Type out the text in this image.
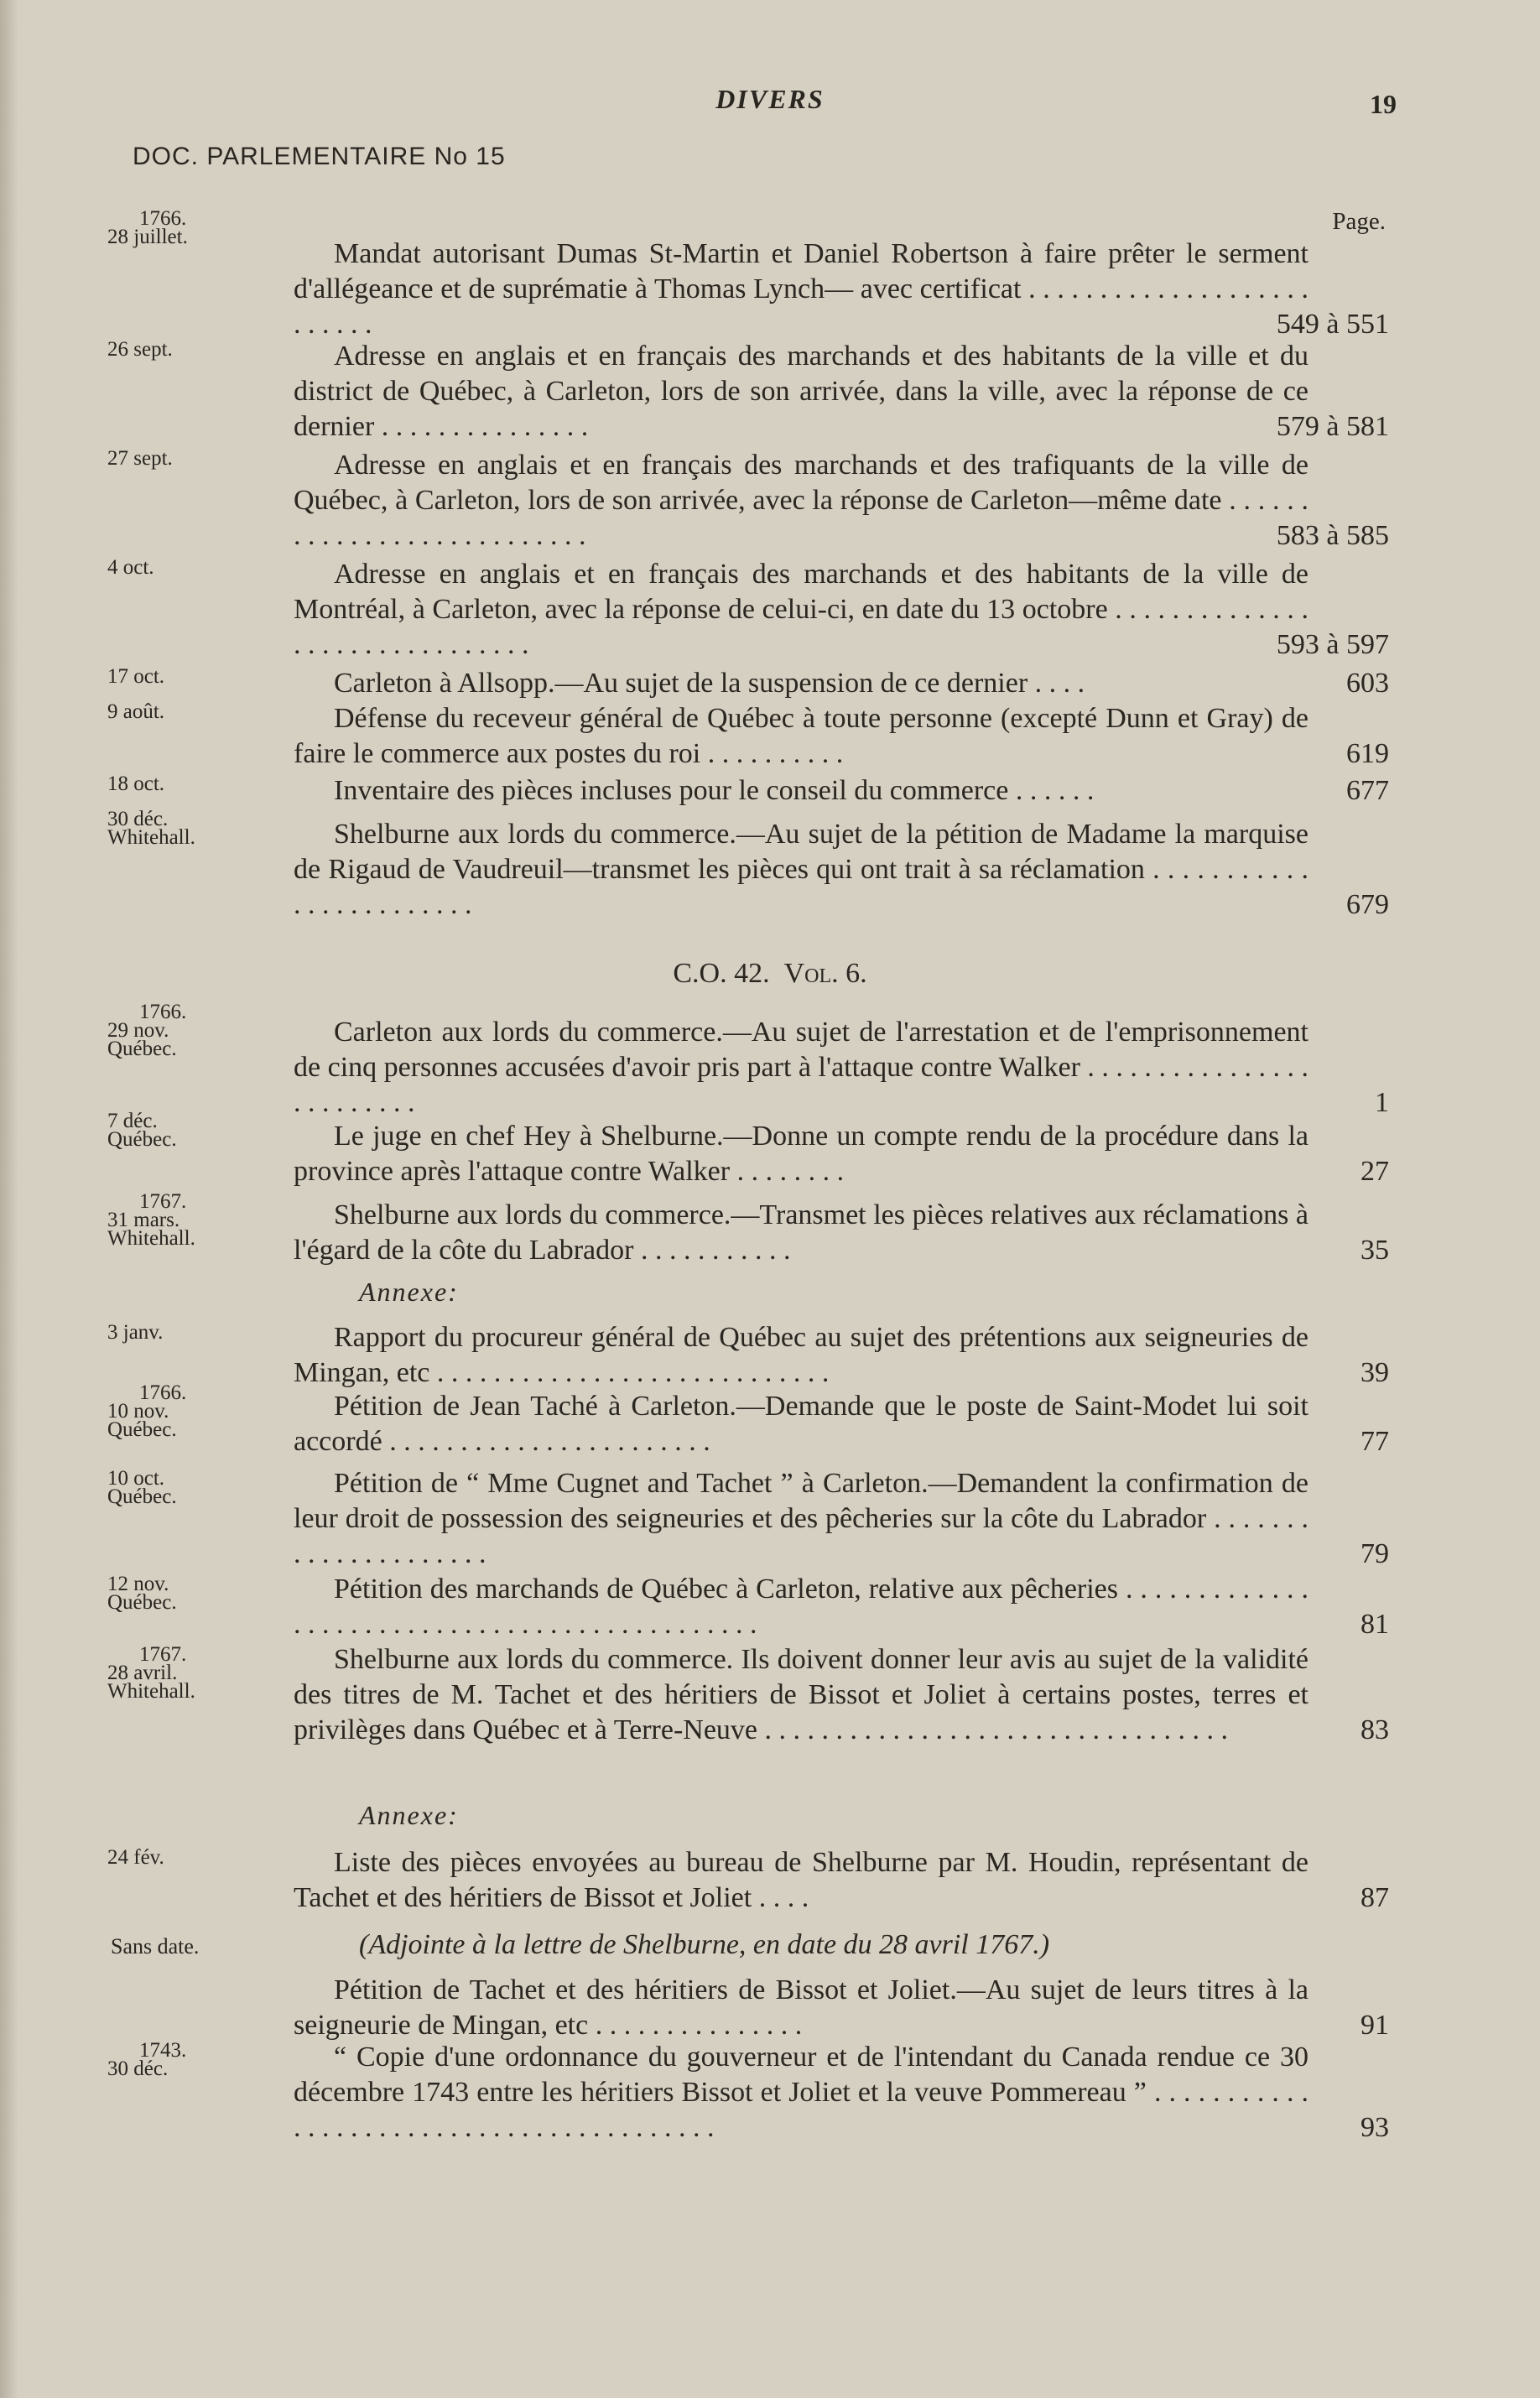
DIVERS	19
DOC. PARLEMENTAIRE No 15
Page.
1766.
28 juillet.
Mandat autorisant Dumas St-Martin et Daniel Robertson à faire prêter le serment d'allégeance et de suprématie à Thomas Lynch— avec certificat . . . . . . . . . . . . . . . . . . . . . . . . . .	549 à 551
26 sept.	Adresse en anglais et en français des marchands et des habitants de la ville et du district de Québec, à Carleton, lors de son arrivée, dans la ville, avec la réponse de ce dernier . . . . . . . . . . . . . . .	579 à 581
27 sept.	Adresse en anglais et en français des marchands et des trafiquants de la ville de Québec, à Carleton, lors de son arrivée, avec la réponse de Carleton—même date . . . . . . . . . . . . . . . . . . . . . . . . . . .	583 à 585
4 oct.	Adresse en anglais et en français des marchands et des habitants de la ville de Montréal, à Carleton, avec la réponse de celui-ci, en date du 13 octobre . . . . . . . . . . . . . . . . . . . . . . . . . . . . . . .	593 à 597
17 oct.	Carleton à Allsopp.—Au sujet de la suspension de ce dernier . . . .	603
9 août.	Défense du receveur général de Québec à toute personne (excepté Dunn et Gray) de faire le commerce aux postes du roi . . . . . . . . . .	619
18 oct.	Inventaire des pièces incluses pour le conseil du commerce . . . . . .	677
30 déc.
Whitehall.	Shelburne aux lords du commerce.—Au sujet de la pétition de Madame la marquise de Rigaud de Vaudreuil—transmet les pièces qui ont trait à sa réclamation . . . . . . . . . . . . . . . . . . . . . . . .	679
C.O. 42. Vol. 6.
1766.
29 nov.
Québec.
Carleton aux lords du commerce.—Au sujet de l'arrestation et de l'emprisonnement de cinq personnes accusées d'avoir pris part à l'attaque contre Walker . . . . . . . . . . . . . . . . . . . . . . . . .	1
7 déc.
Québec.	Le juge en chef Hey à Shelburne.—Donne un compte rendu de la procédure dans la province après l'attaque contre Walker . . . . . . . .	27
1767.
31 mars.
Whitehall.
Shelburne aux lords du commerce.—Transmet les pièces relatives aux réclamations à l'égard de la côte du Labrador . . . . . . . . . . .	35
Annexe:
3 janv.	Rapport du procureur général de Québec au sujet des prétentions aux seigneuries de Mingan, etc . . . . . . . . . . . . . . . . . . . . . . . . . . . .	39
1766.
10 nov.
Québec.
Pétition de Jean Taché à Carleton.—Demande que le poste de Saint-Modet lui soit accordé . . . . . . . . . . . . . . . . . . . . . . .	77
10 oct.
Québec.	Pétition de “ Mme Cugnet and Tachet ” à Carleton.—Demandent la confirmation de leur droit de possession des seigneuries et des pêcheries sur la côte du Labrador . . . . . . . . . . . . . . . . . . . . .	79
12 nov.
Québec.	Pétition des marchands de Québec à Carleton, relative aux pêcheries . . . . . . . . . . . . . . . . . . . . . . . . . . . . . . . . . . . . . . . . . . . . . .	81
1767.
28 avril.
Whitehall.
Shelburne aux lords du commerce. Ils doivent donner leur avis au sujet de la validité des titres de M. Tachet et des héritiers de Bissot et Joliet à certains postes, terres et privilèges dans Québec et à Terre-Neuve . . . . . . . . . . . . . . . . . . . . . . . . . . . . . . . . .	83
Annexe:
24 fév.	Liste des pièces envoyées au bureau de Shelburne par M. Houdin, représentant de Tachet et des héritiers de Bissot et Joliet . . . .	87
Sans date.	(Adjointe à la lettre de Shelburne, en date du 28 avril 1767.)
Pétition de Tachet et des héritiers de Bissot et Joliet.—Au sujet de leurs titres à la seigneurie de Mingan, etc . . . . . . . . . . . . . . .	91
1743.
30 déc.	“ Copie d'une ordonnance du gouverneur et de l'intendant du Canada rendue ce 30 décembre 1743 entre les héritiers Bissot et Joliet et la veuve Pommereau ” . . . . . . . . . . . . . . . . . . . . . . . . . . . . . . . . . . . . . . . . .	93
